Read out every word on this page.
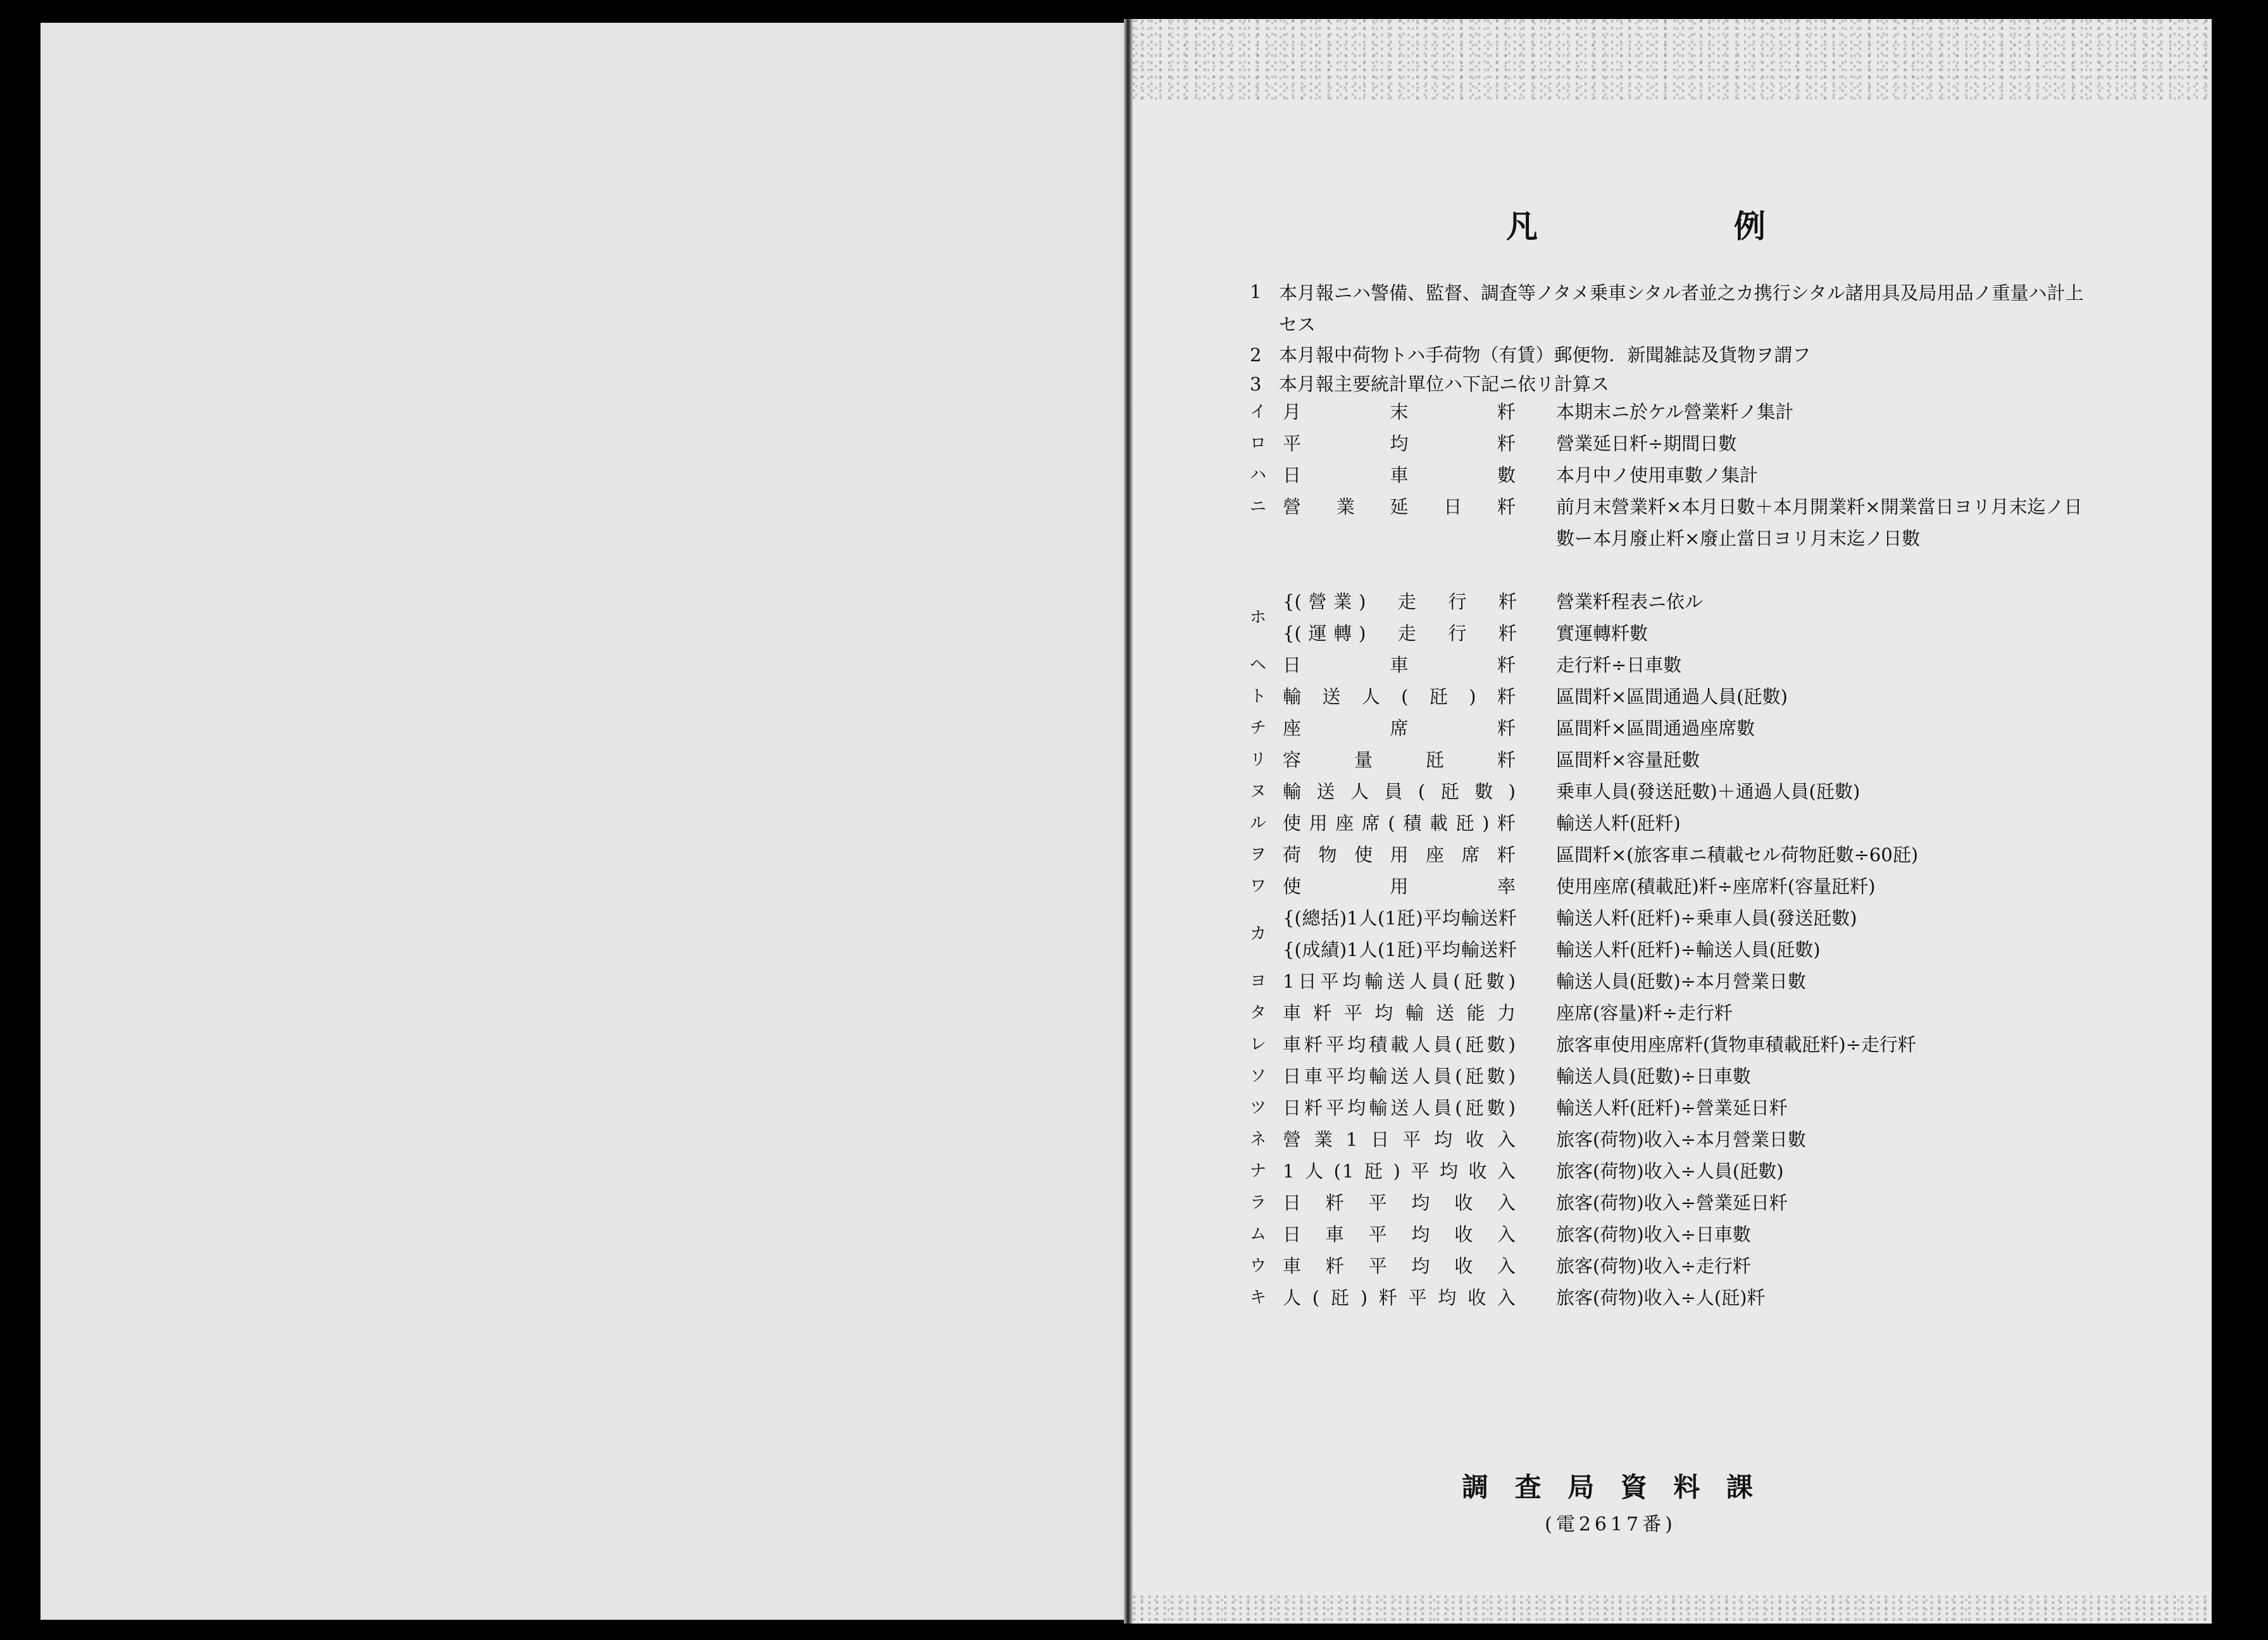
凡	例
1 本月報ニハ警備、監督、調査等ノタメ乗車シタル者並之カ携行シタル諸用具及局用品ノ重量ハ計上セス
2 本月報中荷物トハ手荷物（有賃）郵便物．新聞雑誌及貨物ヲ謂フ
3 本月報主要統計單位ハ下記ニ依リ計算ス
イ 月末粁 本期末ニ於ケル營業粁ノ集計
ロ 平均粁 營業延日粁÷期間日數
ハ 日車數 本月中ノ使用車數ノ集計
ニ 營業延日粁 前月末營業粁×本月日數＋本月開業粁×開業當日ヨリ月末迄ノ日數ー本月廢止粁×廢止當日ヨリ月末迄ノ日數
ホ
{(營業)　走　行　粁
{(運轉)　走　行　粁
營業粁程表ニ依ル
實運轉粁數
ヘ 日車粁 走行粁÷日車數
ト 輸送人(瓩)粁 區間粁×區間通過人員(瓩數)
チ 座席粁 區間粁×區間通過座席數
リ 容量瓩粁 區間粁×容量瓩數
ヌ 輸送人員(瓩數) 乗車人員(發送瓩數)＋通過人員(瓩數)
ル 使用座席(積載瓩)粁 輸送人粁(瓩粁)
ヲ 荷物使用座席粁 區間粁×(旅客車ニ積載セル荷物瓩數÷60瓩)
ワ 使用率 使用座席(積載瓩)粁÷座席粁(容量瓩粁)
カ
{(總括)1人(1瓩)平均輸送粁
{(成績)1人(1瓩)平均輸送粁
輸送人粁(瓩粁)÷乗車人員(發送瓩數)
輸送人粁(瓩粁)÷輸送人員(瓩數)
ヨ 1日平均輸送人員(瓩數) 輸送人員(瓩數)÷本月營業日數
タ 車粁平均輸送能力 座席(容量)粁÷走行粁
レ 車粁平均積載人員(瓩數) 旅客車使用座席粁(貨物車積載瓩粁)÷走行粁
ソ 日車平均輸送人員(瓩數) 輸送人員(瓩數)÷日車數
ツ 日粁平均輸送人員(瓩數) 輸送人粁(瓩粁)÷營業延日粁
ネ 營業1日平均收入 旅客(荷物)收入÷本月營業日數
ナ 1人(1瓩)平均收入 旅客(荷物)收入÷人員(瓩數)
ラ 日粁平均收入 旅客(荷物)收入÷營業延日粁
ム 日車平均收入 旅客(荷物)收入÷日車數
ウ 車粁平均收入 旅客(荷物)收入÷走行粁
キ 人(瓩)粁平均收入 旅客(荷物)收入÷人(瓩)粁
調 査 局 資 料 課
(電2617番)
